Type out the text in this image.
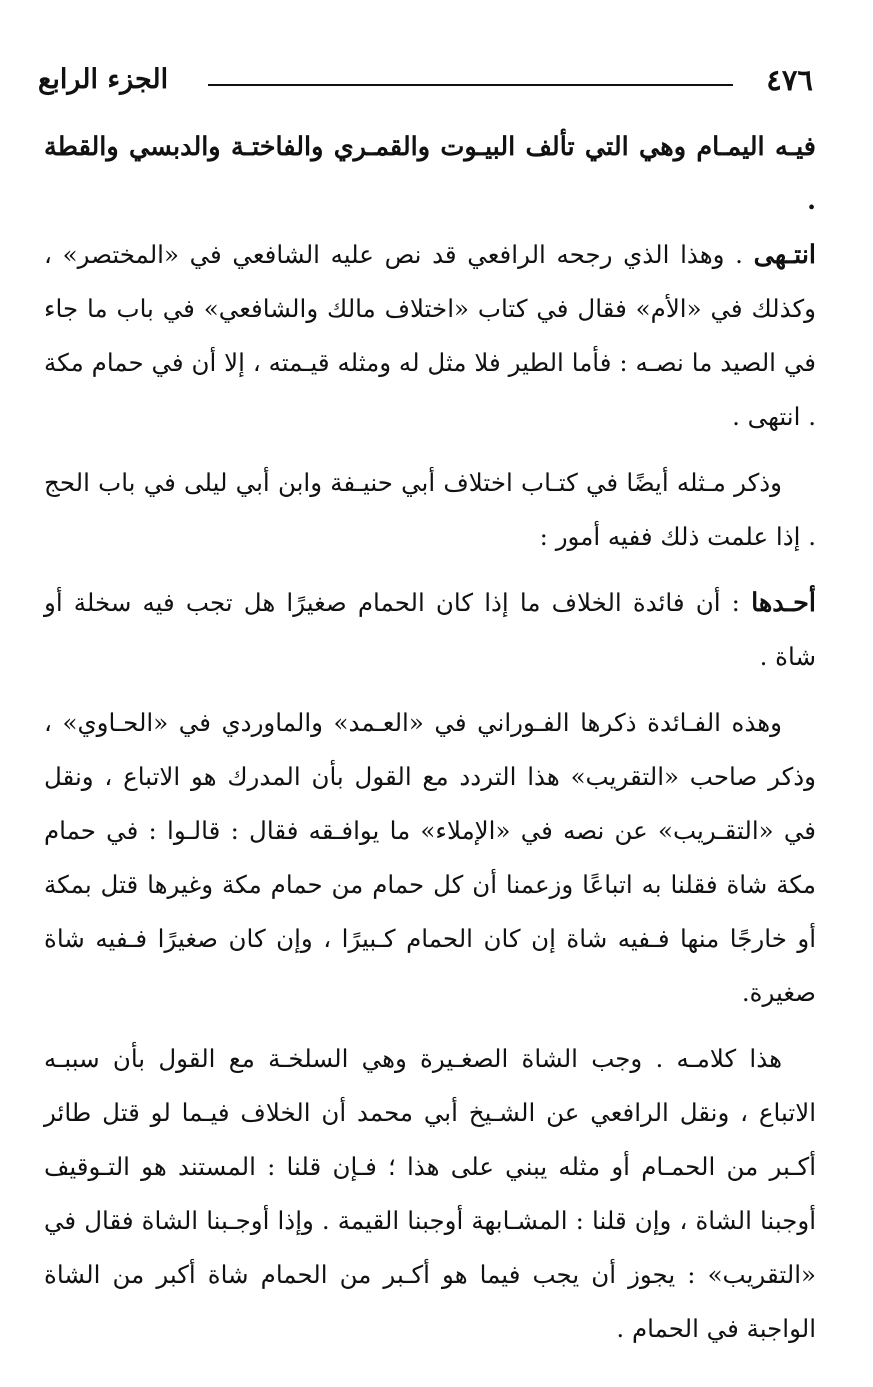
٤٧٦
الجزء الرابع

فيـه اليمـام وهي التي تألف البيـوت والقمـري والفاختـة والدبسي والقطة .
انتـهى . وهذا الذي رجحه الرافعي قد نص عليه الشافعي في «المختصر» ، وكذلك في «الأم» فقال في كتاب «اختلاف مالك والشافعي» في باب ما جاء في الصيد ما نصـه : فأما الطير فلا مثل له ومثله قيـمته ، إلا أن في حمام مكة . انتهى .

وذكر مـثله أيضًا في كتـاب اختلاف أبي حنيـفة وابن أبي ليلى في باب الحج . إذا علمت ذلك ففيه أمور :

أحـدها : أن فائدة الخلاف ما إذا كان الحمام صغيرًا هل تجب فيه سخلة أو شاة .

وهذه الفـائدة ذكرها الفـوراني في «العـمد» والماوردي في «الحـاوي» ، وذكر صاحب «التقريب» هذا التردد مع القول بأن المدرك هو الاتباع ، ونقل في «التقـريب» عن نصه في «الإملاء» ما يوافـقه فقال : قالـوا : في حمام مكة شاة فقلنا به اتباعًا وزعمنا أن كل حمام من حمام مكة وغيرها قتل بمكة أو خارجًا منها فـفيه شاة إن كان الحمام كـبيرًا ، وإن كان صغيرًا فـفيه شاة صغيرة.

هذا كلامـه . وجب الشاة الصغـيرة وهي السلخـة مع القول بأن سببـه الاتباع ، ونقل الرافعي عن الشـيخ أبي محمد أن الخلاف فيـما لو قتل طائر أكـبر من الحمـام أو مثله يبني على هذا ؛ فـإن قلنا : المستند هو التـوقيف أوجبنا الشاة ، وإن قلنا : المشـابهة أوجبنا القيمة . وإذا أوجـبنا الشاة فقال في «التقريب» : يجوز أن يجب فيما هو أكـبر من الحمام شاة أكبر من الشاة الواجبة في الحمام .
